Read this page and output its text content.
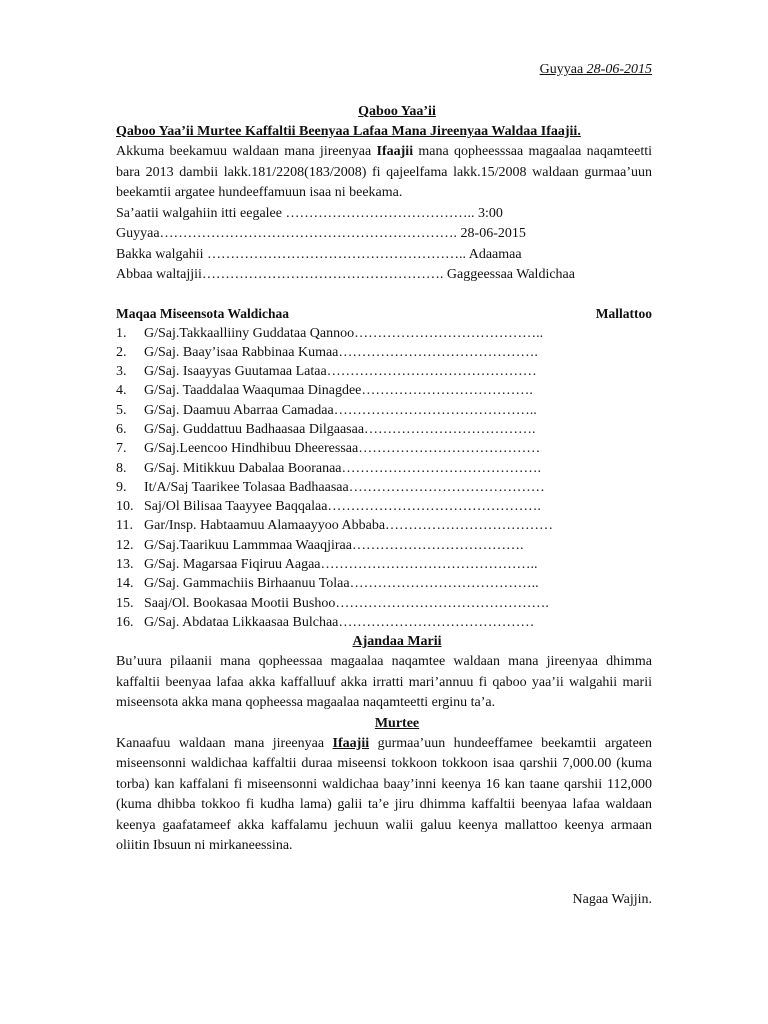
Guyyaa 28-06-2015
Qaboo Yaa’ii
Qaboo Yaa’ii Murtee Kaffaltii Beenyaa Lafaa Mana Jireenyaa Waldaa Ifaajii.
Akkuma beekamuu waldaan mana jireenyaa Ifaajii mana qopheesssaa magaalaa naqamteetti bara 2013 dambii lakk.181/2208(183/2008) fi qajeelfama lakk.15/2008 waldaan gurmaa’uun beekamtii argatee hundeeffamuun isaa ni beekama.
Sa’aatii walgahiin itti eegalee ………………………………….. 3:00
Guyyaa………………………………………………………. 28-06-2015
Bakka walgahii ……………………………………………….. Adaamaa
Abbaa waltajjii……………………………………………. Gaggeessaa Waldichaa
Maqaa Miseensota Waldichaa	Mallattoo
1.	G/Saj.Takkaalliiny Guddataa Qannoo …………………………………..
2.	G/Saj. Baay’isaa Rabbinaa Kumaa …………………………………….
3.	G/Saj. Isaayyas Guutamaa Lataa ………………………………………
4.	G/Saj. Taaddalaa Waaqumaa Dinagdee ……………………………….
5.	G/Saj. Daamuu Abarraa Camadaa ……………………………………..
6.	G/Saj. Guddattuu Badhaasaa Dilgaasaa ……………………………….
7.	G/Saj.Leencoo Hindhibuu Dheeressaa …………………………………
8.	G/Saj. Mitikkuu Dabalaa Booranaa …………………………………….
9.	It/A/Saj Taarikee Tolasaa Badhaasaa ……………………………………
10. Saj/Ol Bilisaa Taayyee Baqqalaa ……………………………………….
11. Gar/Insp. Habtaamuu Alamaayyoo Abbaba ………………………………
12. G/Saj.Taarikuu Lammmaa Waaqjiraa ……………………………….
13. G/Saj. Magarsaa Fiqiruu Aagaa ………………………………………..
14. G/Saj. Gammachiis Birhaanuu Tolaa …………………………………..
15. Saaj/Ol. Bookasaa Mootii Bushoo ……………………………………….
16. G/Saj. Abdataa Likkaasaa Bulchaa ……………………………………
Ajandaa Marii
Bu’uura pilaanii mana qopheessaa magaalaa naqamtee waldaan mana jireenyaa dhimma kaffaltii beenyaa lafaa akka kaffalluuf akka irratti mari’annuu fi qaboo yaa’ii walgahii marii miseensota akka mana qopheessa magaalaa naqamteetti erginu ta’a.
Murtee
Kanaafuu waldaan mana jireenyaa Ifaajii gurmaa’uun hundeeffamee beekamtii argateen miseensonni waldichaa kaffaltii duraa miseensi tokkoon tokkoon isaa qarshii 7,000.00 (kuma torba) kan kaffalani fi miseensonni waldichaa baay’inni keenya 16 kan taane qarshii 112,000 (kuma dhibba tokkoo fi kudha lama) galii ta’e jiru dhimma kaffaltii beenyaa lafaa waldaan keenya gaafatameef akka kaffalamu jechuun walii galuu keenya mallattoo keenya armaan oliitin Ibsuun ni mirkaneessina.
Nagaa Wajjin.
